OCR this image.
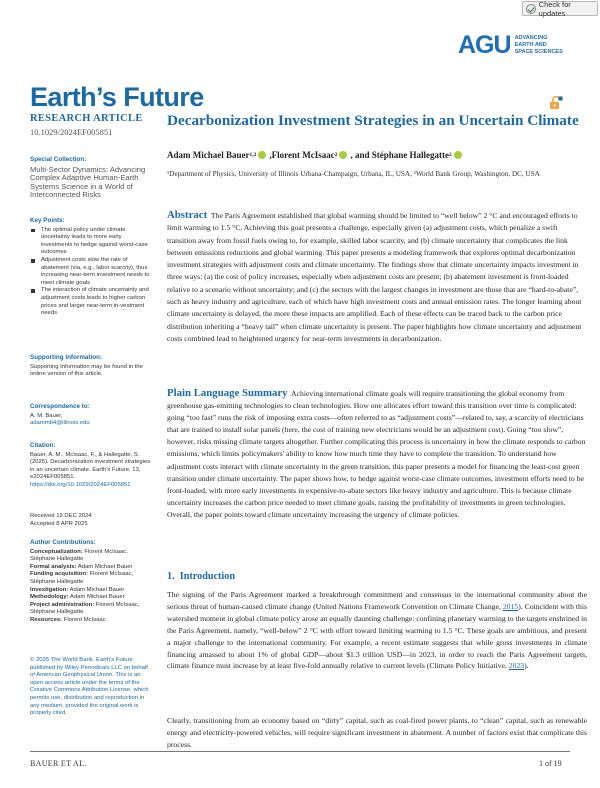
Check for updates
AGU ADVANCING
EARTH AND
SPACE SCIENCES
Earth’s Future
RESEARCH ARTICLE
10.1029/2024EF005851
Special Collection:
Multi-Sector Dynamics: Advancing Complex Adaptive Human-Earth Systems Science in a World of Interconnected Risks
Key Points:
The optimal policy under climate uncertainty leads to more early investments to hedge against worst-case outcomes
Adjustment costs slow the rate of abatement (via, e.g., labor scarcity), thus increasing near-term investment needs to meet climate goals
The interaction of climate uncertainty and adjustment costs leads to higher carbon prices and larger near-term in-vestment needs
Supporting Information:
Supporting Information may be found in the online version of this article.
Correspondence to:
A. M. Bauer,
adammb4@illinois.edu
Citation:
Bauer, A. M., McIsaac, F., & Hallegatte, S. (2025). Decarbonization investment strategies in an uncertain climate. Earth's Future, 13, e2024EF005851. https://doi.org/10.1029/2024EF005851
Received 19 DEC 2024
Accepted 8 APR 2025
Author Contributions:
Conceptualization: Florent McIsaac, Stéphane Hallegatte
Formal analysis: Adam Michael Bauer
Funding acquisition: Florent McIsaac, Stéphane Hallegatte
Investigation: Adam Michael Bauer
Methodology: Adam Michael Bauer
Project administration: Florent McIsaac, Stéphane Hallegatte
Resources: Florent McIsaac
© 2025 The World Bank. Earth's Future published by Wiley Periodicals LLC on behalf of American Geophysical Union. This is an open access article under the terms of the Creative Commons Attribution License, which permits use, distribution and reproduction in any medium, provided the original work is properly cited.
Decarbonization Investment Strategies in an Uncertain Climate
Adam Michael Bauer 1,2 , Florent McIsaac 2 , and Stéphane Hallegatte 2
¹Department of Physics, University of Illinois Urbana-Champaign, Urbana, IL, USA, ²World Bank Group, Washington, DC, USA
Abstract The Paris Agreement established that global warming should be limited to “well below” 2 °C and encouraged efforts to limit warming to 1.5 °C. Achieving this goal presents a challenge, especially given (a) adjustment costs, which penalize a swift transition away from fossil fuels owing to, for example, skilled labor scarcity, and (b) climate uncertainty that complicates the link between emissions reductions and global warming. This paper presents a modeling framework that explores optimal decarbonization investment strategies with adjustment costs and climate uncertainty. The findings show that climate uncertainty impacts investment in three ways: (a) the cost of policy increases, especially when adjustment costs are present; (b) abatement investment is front-loaded relative to a scenario without uncertainty; and (c) the sectors with the largest changes in investment are those that are “hard-to-abate”, such as heavy industry and agriculture, each of which have high investment costs and annual emission rates. The longer learning about climate uncertainty is delayed, the more these impacts are amplified. Each of these effects can be traced back to the carbon price distribution inheriting a “heavy tail” when climate uncertainty is present. The paper highlights how climate uncertainty and adjustment costs combined lead to heightened urgency for near-term investments in decarbonization.
Plain Language Summary Achieving international climate goals will require transitioning the global economy from greenhouse gas-emitting technologies to clean technologies. How one allocates effort toward this transition over time is complicated: going “too fast” runs the risk of imposing extra costs—often referred to as “adjustment costs”—related to, say, a scarcity of electricians that are trained to install solar panels (here, the cost of training new electricians would be an adjustment cost). Going “too slow”, however, risks missing climate targets altogether. Further complicating this process is uncertainty in how the climate responds to carbon emissions, which limits policymakers' ability to know how much time they have to complete the transition. To understand how adjustment costs interact with climate uncertainty in the green transition, this paper presents a model for financing the least-cost green transition under climate uncertainty. The paper shows how, to hedge against worst-case climate outcomes, investment efforts need to be front-loaded, with more early investments in expensive-to-abate sectors like heavy industry and agriculture. This is because climate uncertainty increases the carbon price needed to meet climate goals, raising the profitability of investments in green technologies. Overall, the paper points toward climate uncertainty increasing the urgency of climate policies.
1.  Introduction
The signing of the Paris Agreement marked a breakthrough commitment and consensus in the international community about the serious threat of human-caused climate change (United Nations Framework Convention on Climate Change, 2015). Coincident with this watershed moment in global climate policy arose an equally daunting challenge: confining planetary warming to the targets enshrined in the Paris Agreement, namely, “well-below” 2 °C with effort toward limiting warming to 1.5 °C. These goals are ambitious, and present a major challenge to the international community. For example, a recent estimate suggests that while gross investments in climate financing amassed to about 1% of global GDP—about $1.3 trillion USD—in 2023, in order to reach the Paris Agreement targets, climate finance must increase by at least five-fold annually relative to current levels (Climate Policy Initiative, 2023).
Clearly, transitioning from an economy based on “dirty” capital, such as coal-fired power plants, to “clean” capital, such as renewable energy and electricity-powered vehicles, will require significant investment in abatement. A number of factors exist that complicate this process.
BAUER ET AL.	1 of 19
